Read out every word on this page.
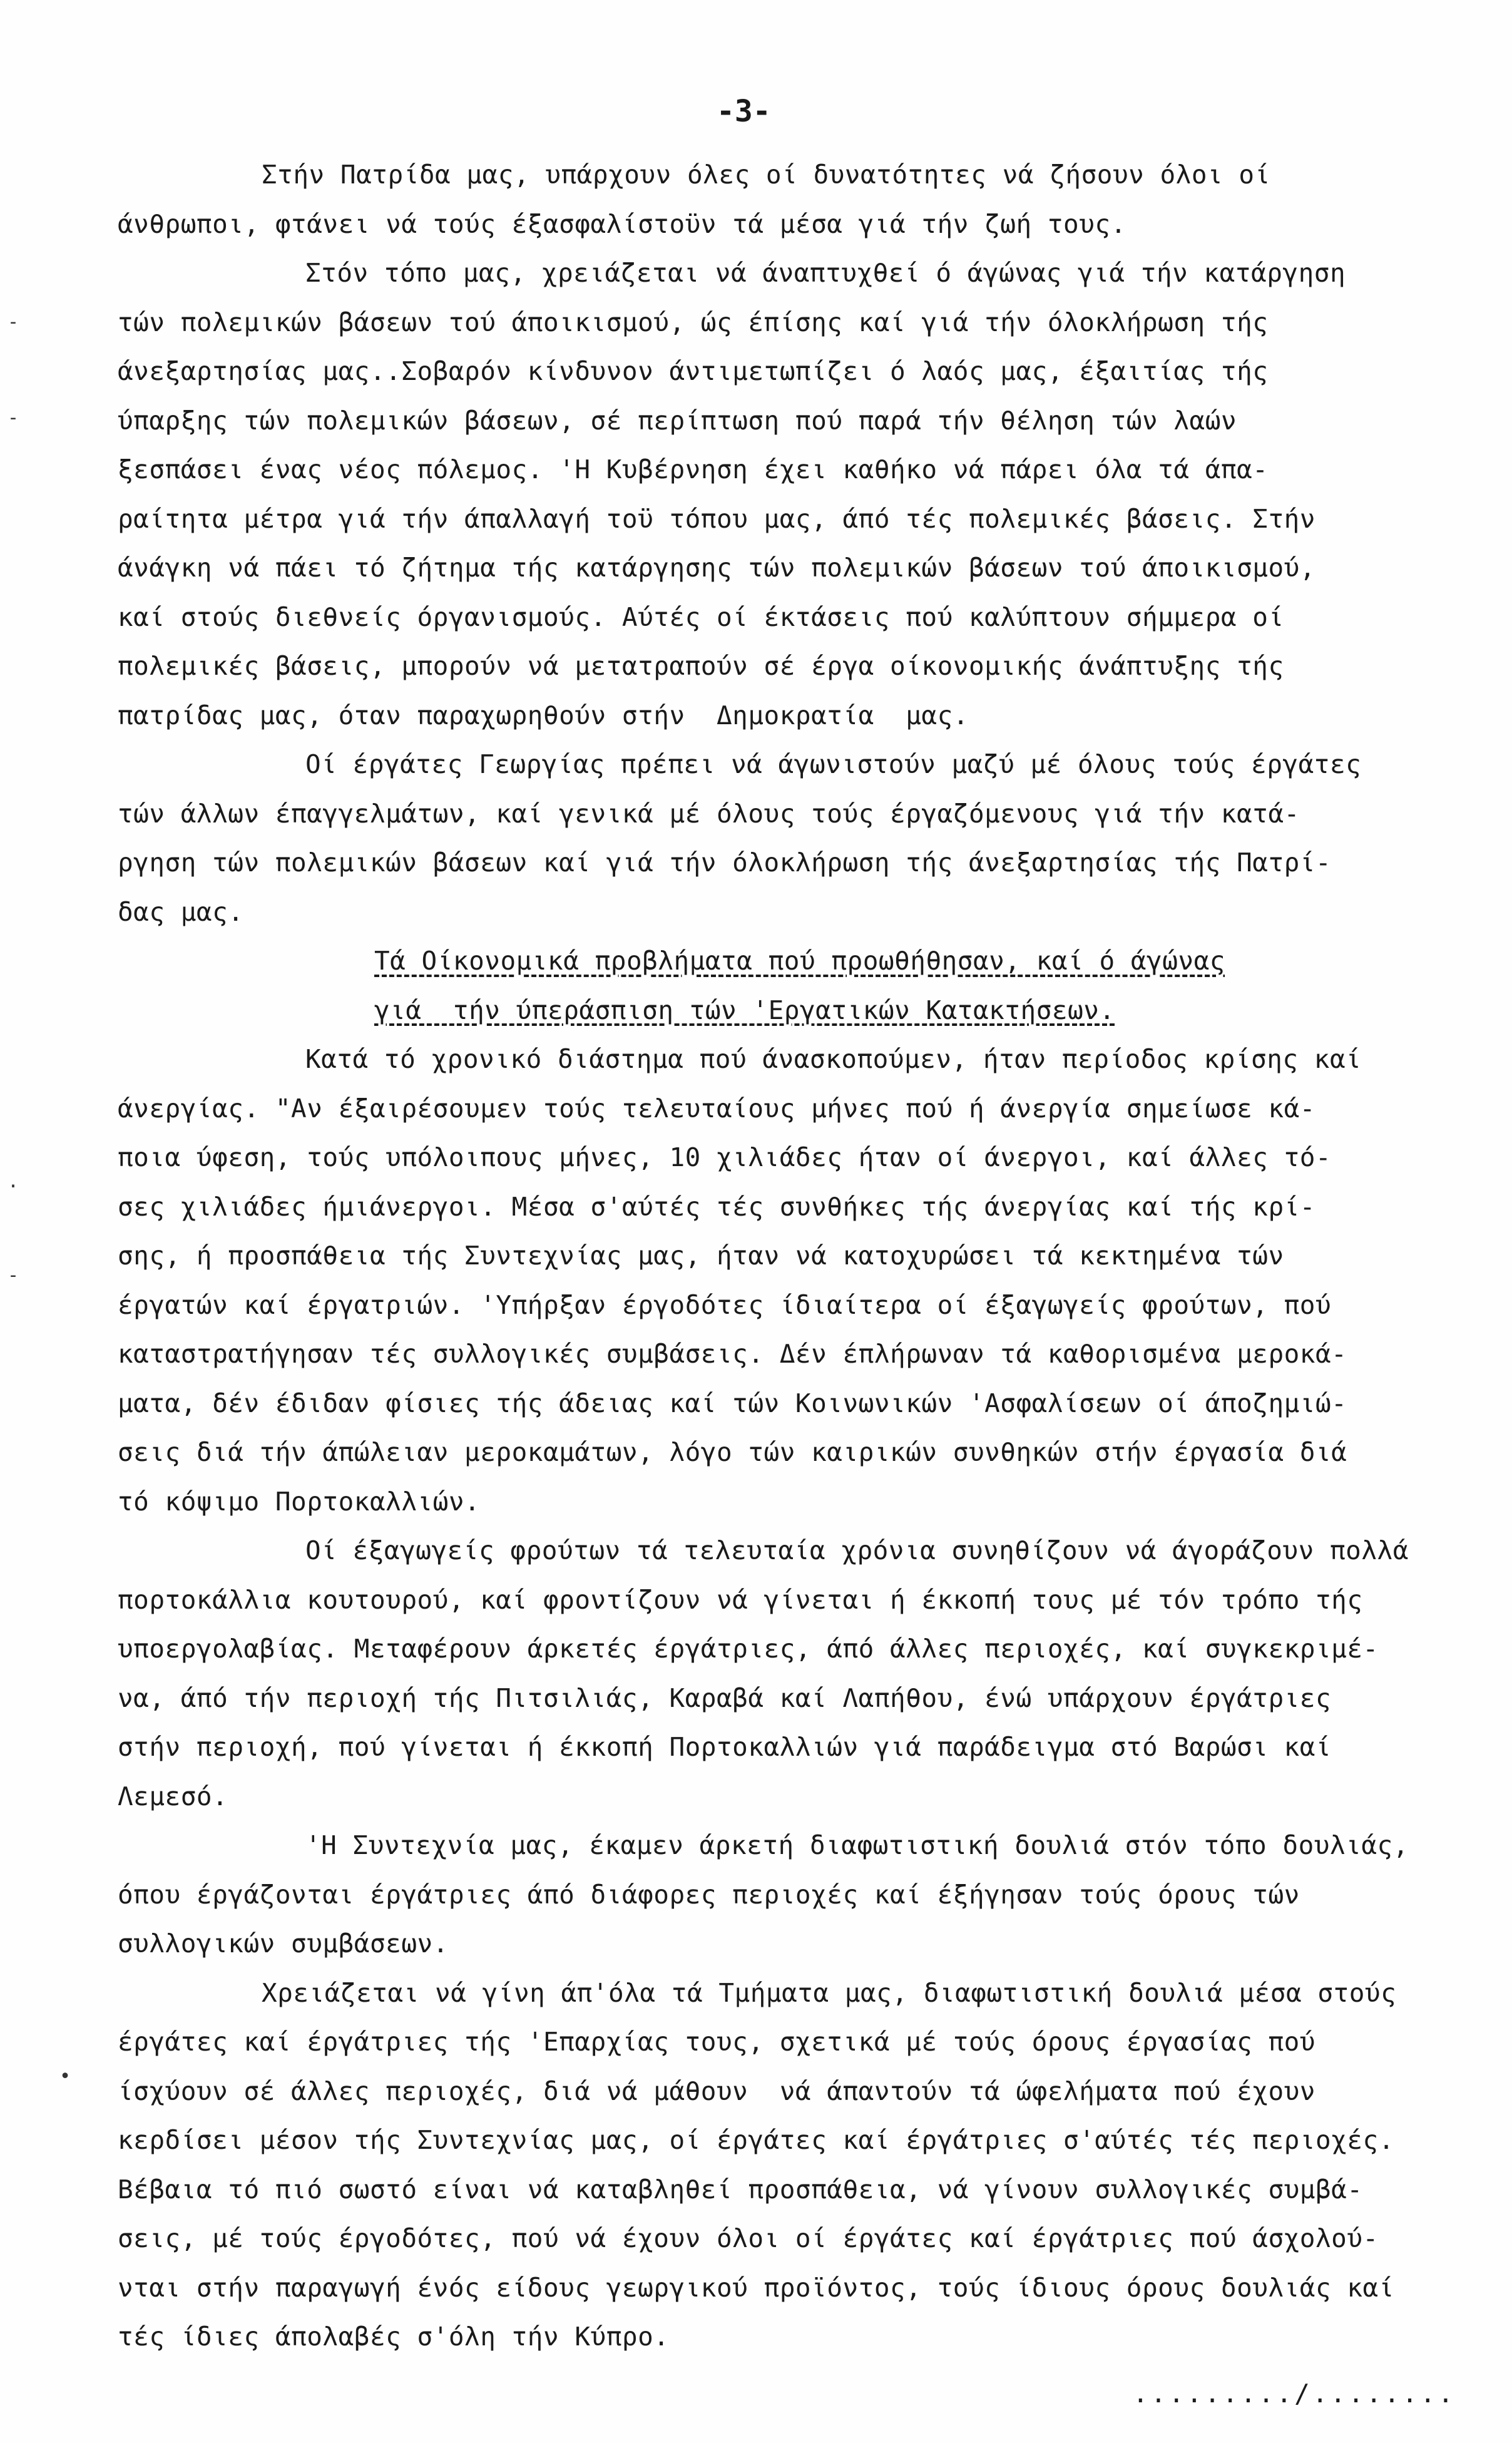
-3-
Στήν Πατρίδα μας, υπάρχουν όλες οί δυνατότητες νά ζήσουν όλοι οί
άνθρωποι, φτάνει νά τούς έξασφαλίστοϋν τά μέσα γιά τήν ζωή τους.
Στόν τόπο μας, χρειάζεται νά άναπτυχθεί ό άγώνας γιά τήν κατάργηση
τών πολεμικών βάσεων τού άποικισμού, ώς έπίσης καί γιά τήν όλοκλήρωση τής
άνεξαρτησίας μας..Σοβαρόν κίνδυνον άντιμετωπίζει ό λαός μας, έξαιτίας τής
ύπαρξης τών πολεμικών βάσεων, σέ περίπτωση πού παρά τήν θέληση τών λαών
ξεσπάσει ένας νέος πόλεμος. 'Η Κυβέρνηση έχει καθήκο νά πάρει όλα τά άπα-
ραίτητα μέτρα γιά τήν άπαλλαγή τοϋ τόπου μας, άπό τές πολεμικές βάσεις. Στήν
άνάγκη νά πάει τό ζήτημα τής κατάργησης τών πολεμικών βάσεων τού άποικισμού,
καί στούς διεθνείς όργανισμούς. Αύτές οί έκτάσεις πού καλύπτουν σήμμερα οί
πολεμικές βάσεις, μπορούν νά μετατραπούν σέ έργα οίκονομικής άνάπτυξης τής
πατρίδας μας, όταν παραχωρηθούν στήν  Δημοκρατία  μας.
Οί έργάτες Γεωργίας πρέπει νά άγωνιστούν μαζύ μέ όλους τούς έργάτες
τών άλλων έπαγγελμάτων, καί γενικά μέ όλους τούς έργαζόμενους γιά τήν κατά-
ργηση τών πολεμικών βάσεων καί γιά τήν όλοκλήρωση τής άνεξαρτησίας τής Πατρί-
δας μας.
Τά Οίκονομικά προβλήματα πού προωθήθησαν, καί ό άγώνας
γιά  τήν ύπεράσπιση τών 'Εργατικών Κατακτήσεων.
Κατά τό χρονικό διάστημα πού άνασκοπούμεν, ήταν περίοδος κρίσης καί
άνεργίας. "Αν έξαιρέσουμεν τούς τελευταίους μήνες πού ή άνεργία σημείωσε κά-
ποια ύφεση, τούς υπόλοιπους μήνες, 10 χιλιάδες ήταν οί άνεργοι, καί άλλες τό-
σες χιλιάδες ήμιάνεργοι. Μέσα σ'αύτές τές συνθήκες τής άνεργίας καί τής κρί-
σης, ή προσπάθεια τής Συντεχνίας μας, ήταν νά κατοχυρώσει τά κεκτημένα τών
έργατών καί έργατριών. 'Υπήρξαν έργοδότες ίδιαίτερα οί έξαγωγείς φρούτων, πού
καταστρατήγησαν τές συλλογικές συμβάσεις. Δέν έπλήρωναν τά καθορισμένα μεροκά-
ματα, δέν έδιδαν φίσιες τής άδειας καί τών Κοινωνικών 'Ασφαλίσεων οί άποζημιώ-
σεις διά τήν άπώλειαν μεροκαμάτων, λόγο τών καιρικών συνθηκών στήν έργασία διά
τό κόψιμο Πορτοκαλλιών.
Οί έξαγωγείς φρούτων τά τελευταία χρόνια συνηθίζουν νά άγοράζουν πολλά
πορτοκάλλια κουτουρού, καί φροντίζουν νά γίνεται ή έκκοπή τους μέ τόν τρόπο τής
υποεργολαβίας. Μεταφέρουν άρκετές έργάτριες, άπό άλλες περιοχές, καί συγκεκριμέ-
να, άπό τήν περιοχή τής Πιτσιλιάς, Καραβά καί Λαπήθου, ένώ υπάρχουν έργάτριες
στήν περιοχή, πού γίνεται ή έκκοπή Πορτοκαλλιών γιά παράδειγμα στό Βαρώσι καί
Λεμεσό.
'Η Συντεχνία μας, έκαμεν άρκετή διαφωτιστική δουλιά στόν τόπο δουλιάς,
όπου έργάζονται έργάτριες άπό διάφορες περιοχές καί έξήγησαν τούς όρους τών
συλλογικών συμβάσεων.
Χρειάζεται νά γίνη άπ'όλα τά Τμήματα μας, διαφωτιστική δουλιά μέσα στούς
έργάτες καί έργάτριες τής 'Επαρχίας τους, σχετικά μέ τούς όρους έργασίας πού
ίσχύουν σέ άλλες περιοχές, διά νά μάθουν  νά άπαντούν τά ώφελήματα πού έχουν
κερδίσει μέσον τής Συντεχνίας μας, οί έργάτες καί έργάτριες σ'αύτές τές περιοχές.
Βέβαια τό πιό σωστό είναι νά καταβληθεί προσπάθεια, νά γίνουν συλλογικές συμβά-
σεις, μέ τούς έργοδότες, πού νά έχουν όλοι οί έργάτες καί έργάτριες πού άσχολού-
νται στήν παραγωγή ένός είδους γεωργικού προϊόντος, τούς ίδιους όρους δουλιάς καί
τές ίδιες άπολαβές σ'όλη τήν Κύπρο.
-
-
.
-
•
........./........
